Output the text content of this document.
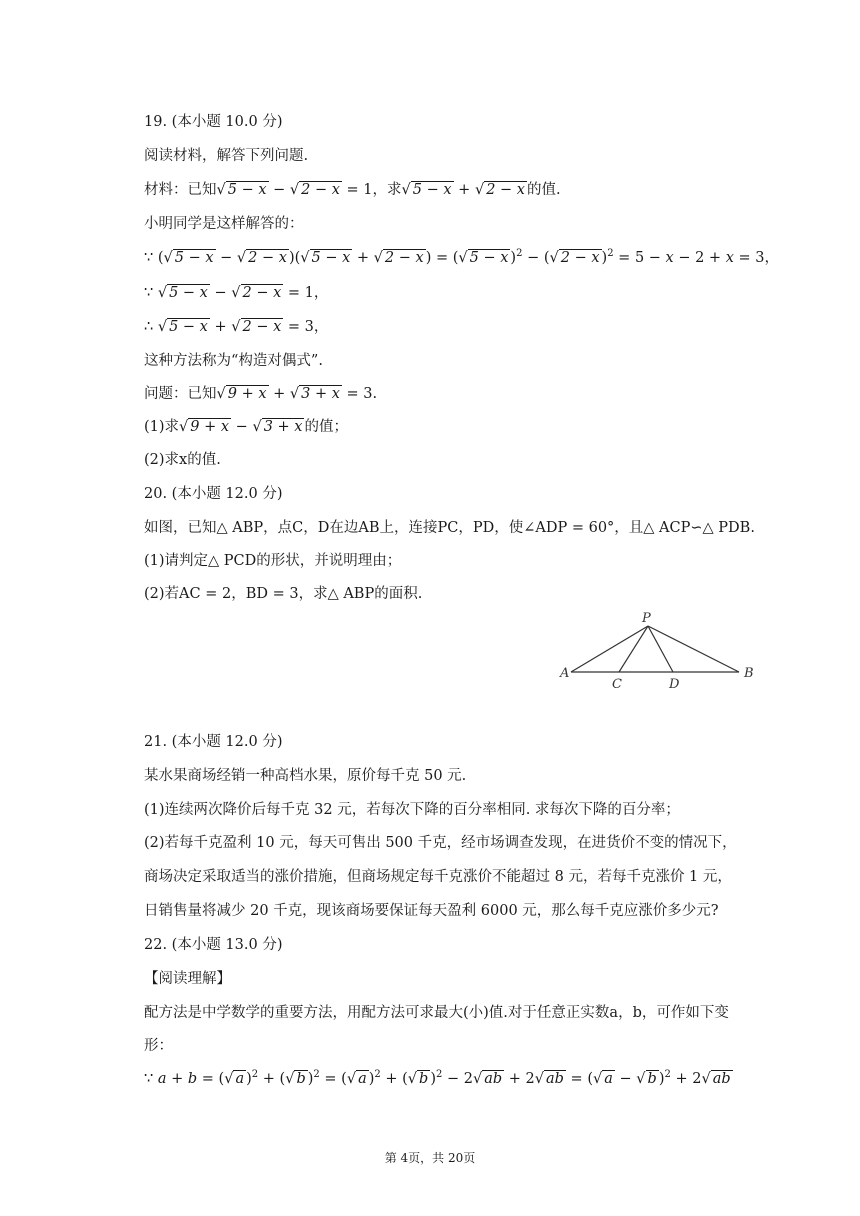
19. (本小题 10.0 分)
阅读材料，解答下列问题.
材料：已知√ 5 − x − √ 2 − x = 1，求√ 5 − x + √ 2 − x 的值.
小明同学是这样解答的：
∵ (√ 5 − x − √ 2 − x )(√ 5 − x + √ 2 − x ) = (√ 5 − x )$^2$ − (√ 2 − x )$^2$ = 5 − x − 2 + x = 3，
∵ √ 5 − x − √ 2 − x = 1，
∴ √ 5 − x + √ 2 − x = 3，
这种方法称为“构造对偶式”.
问题：已知√ 9 + x + √ 3 + x = 3.
(1)求√ 9 + x − √ 3 + x 的值；
(2)求x的值.
20. (本小题 12.0 分)
如图，已知△ ABP，点C，D在边AB上，连接PC，PD，使∠ADP = 60°，且△ ACP∽△ PDB.
(1)请判定△ PCD的形状，并说明理由；
(2)若AC = 2，BD = 3，求△ ABP的面积.
P
A
C	D
B
21. (本小题 12.0 分)
某水果商场经销一种高档水果，原价每千克 50 元.
(1)连续两次降价后每千克 32 元，若每次下降的百分率相同. 求每次下降的百分率；
(2)若每千克盈利 10 元，每天可售出 500 千克，经市场调查发现，在进货价不变的情况下，
商场决定采取适当的涨价措施，但商场规定每千克涨价不能超过 8 元，若每千克涨价 1 元，
日销售量将减少 20 千克，现该商场要保证每天盈利 6000 元，那么每千克应涨价多少元?
22. (本小题 13.0 分)
【阅读理解】
配方法是中学数学的重要方法，用配方法可求最大(小)值.对于任意正实数a，b，可作如下变
形：
∵ a + b = (√ a )$^2$ + (√ b )$^2$ = (√ a )$^2$ + (√ b )$^2$ − 2√ ab + 2√ ab = (√ a − √ b )$^2$ + 2√ ab
第 4页，共 20页
